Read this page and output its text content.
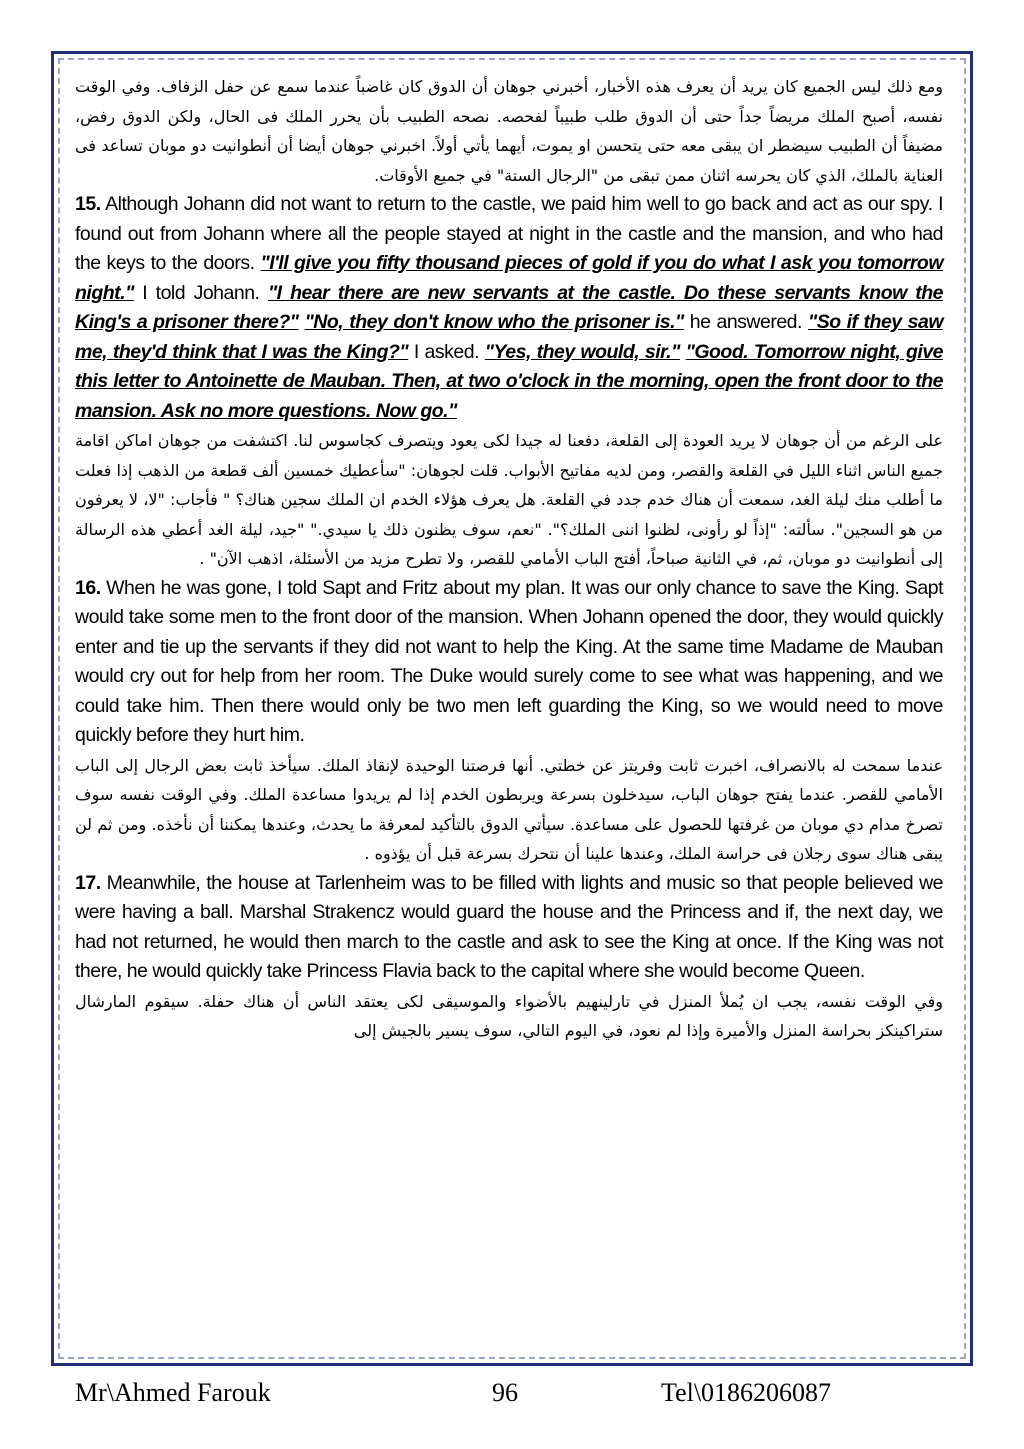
ومع ذلك ليس الجميع كان يريد أن يعرف هذه الأخبار، أخبرني جوهان أن الدوق كان غاضباً عندما سمع عن حفل الزفاف. وفي الوقت نفسه، أصبح الملك مريضاً جداً حتى أن الدوق طلب طبيباً لفحصه. نصحه الطبيب بأن يحرر الملك فى الحال، ولكن الدوق رفض، مضيفاً أن الطبيب سيضطر ان يبقى معه حتى يتحسن او يموت، أيهما يأتي أولاً. اخبرني جوهان أيضا أن أنطوانيت دو موبان تساعد فى العناية بالملك، الذي كان يحرسه اثنان ممن تبقى من "الرجال الستة" في جميع الأوقات.

15. Although Johann did not want to return to the castle, we paid him well to go back and act as our spy. I found out from Johann where all the people stayed at night in the castle and the mansion, and who had the keys to the doors. "I'll give you fifty thousand pieces of gold if you do what I ask you tomorrow night." I told Johann. "I hear there are new servants at the castle. Do these servants know the King's a prisoner there?" "No, they don't know who the prisoner is." he answered. "So if they saw me, they'd think that I was the King?" I asked. "Yes, they would, sir." "Good. Tomorrow night, give this letter to Antoinette de Mauban. Then, at two o'clock in the morning, open the front door to the mansion. Ask no more questions. Now go."

على الرغم من أن جوهان لا يريد العودة إلى القلعة، دفعنا له جيدا لكى يعود ويتصرف كجاسوس لنا. اكتشفت من جوهان اماكن اقامة جميع الناس اثناء الليل في القلعة والقصر، ومن لديه مفاتيح الأبواب. قلت لجوهان: "سأعطيك خمسين ألف قطعة من الذهب إذا فعلت ما أطلب منك ليلة الغد، سمعت أن هناك خدم جدد في القلعة. هل يعرف هؤلاء الخدم ان الملك سجين هناك؟ " فأجاب: "لا، لا يعرفون من هو السجين". سألته: "إذاً لو رأونى، لظنوا اننى الملك؟". "نعم، سوف يظنون ذلك يا سيدي." "جيد، ليلة الغد أعطي هذه الرسالة إلى أنطوانيت دو موبان، ثم، في الثانية صباحاً، أفتح الباب الأمامي للقصر، ولا تطرح مزيد من الأسئلة، اذهب الآن" .

16. When he was gone, I told Sapt and Fritz about my plan. It was our only chance to save the King. Sapt would take some men to the front door of the mansion. When Johann opened the door, they would quickly enter and tie up the servants if they did not want to help the King. At the same time Madame de Mauban would cry out for help from her room. The Duke would surely come to see what was happening, and we could take him. Then there would only be two men left guarding the King, so we would need to move quickly before they hurt him.

عندما سمحت له بالانصراف، اخبرت ثابت وفريتز عن خطتي. أنها فرصتنا الوحيدة لإنقاذ الملك. سيأخذ ثابت بعض الرجال إلى الباب الأمامي للقصر. عندما يفتح جوهان الباب، سيدخلون بسرعة ويربطون الخدم إذا لم يريدوا مساعدة الملك. وفي الوقت نفسه سوف تصرخ مدام دي موبان من غرفتها للحصول على مساعدة. سيأتي الدوق بالتأكيد لمعرفة ما يحدث، وعندها يمكننا أن نأخذه. ومن ثم لن يبقى هناك سوى رجلان فى حراسة الملك، وعندها علينا أن نتحرك بسرعة قبل أن يؤذوه .

17. Meanwhile, the house at Tarlenheim was to be filled with lights and music so that people believed we were having a ball. Marshal Strakencz would guard the house and the Princess and if, the next day, we had not returned, he would then march to the castle and ask to see the King at once. If the King was not there, he would quickly take Princess Flavia back to the capital where she would become Queen.

وفي الوقت نفسه، يجب ان يُملأ المنزل في تارلينهيم بالأضواء والموسيقى لكى يعتقد الناس أن هناك حفلة. سيقوم المارشال ستراكينكز بحراسة المنزل والأميرة وإذا لم نعود، في اليوم التالي، سوف يسير بالجيش إلى

Mr\Ahmed Farouk	96	Tel\0186206087
